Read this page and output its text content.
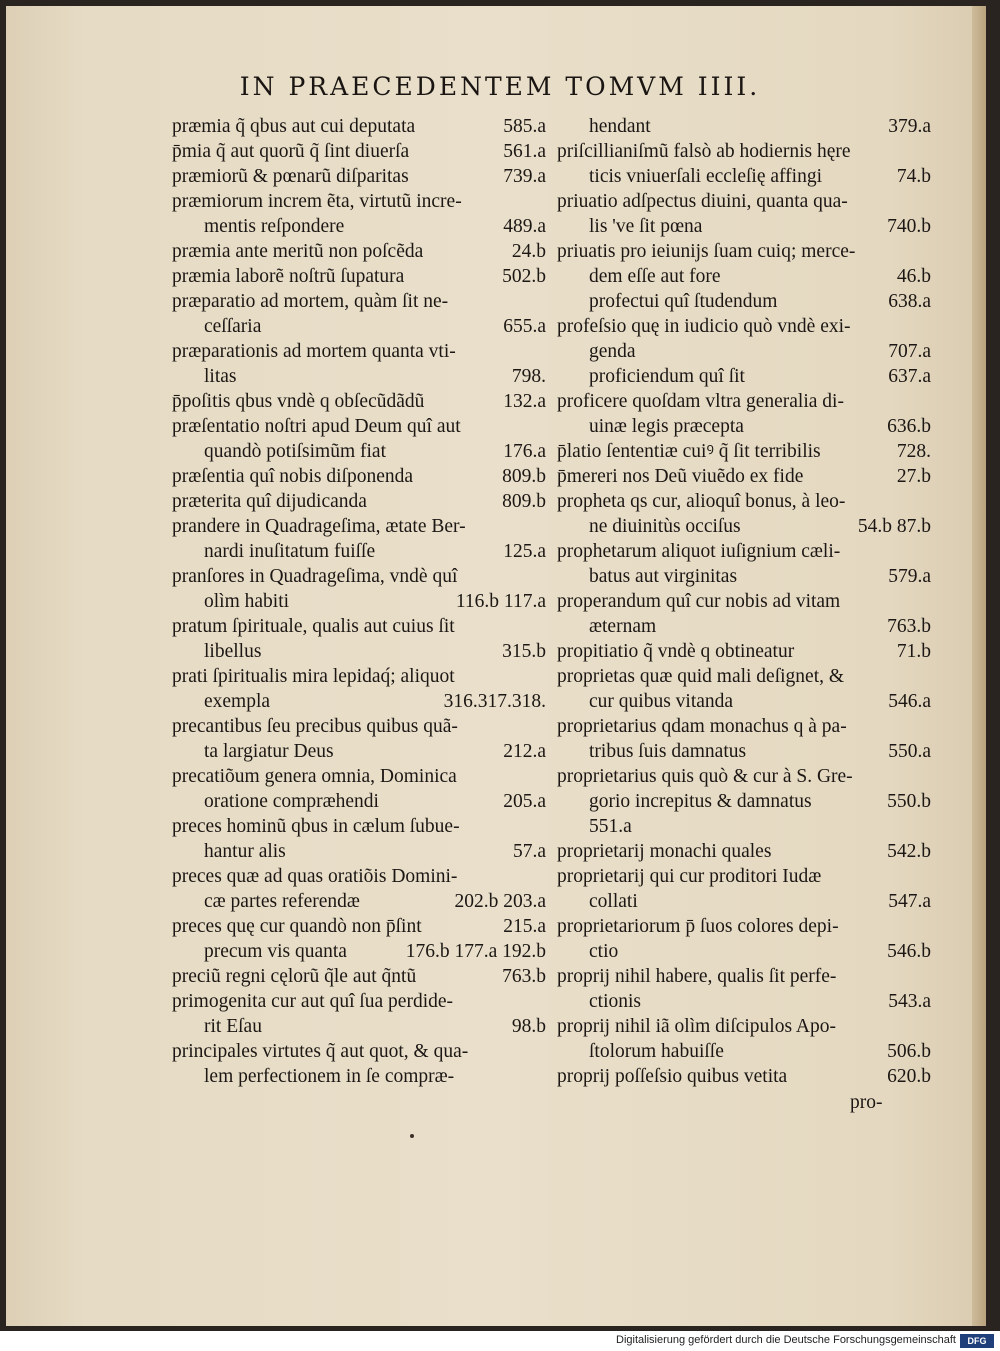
IN PRAECEDENTEM TOMVM IIII.
præmia q̃ qbus aut cui deputata	585.a
p̄mia q̃ aut quorũ q̃ ſint diuerſa	561.a
præmiorũ & pœnarũ diſparitas	739.a
præmiorum increm ẽta, virtutũ incre-
mentis reſpondere	489.a
præmia ante meritũ non poſcẽda	24.b
præmia laborẽ noſtrũ ſupatura	502.b
præparatio ad mortem, quàm ſit ne-
ceſſaria	655.a
præparationis ad mortem quanta vti-
litas	798.
p̄poſitis qbus vndè q obſecũdãdũ	132.a
præſentatio noſtri apud Deum quî aut
quandò potiſsimũm fiat	176.a
præſentia quî nobis diſponenda	809.b
præterita quî dijudicanda	809.b
prandere in Quadrageſima, ætate Ber-
nardi inuſitatum fuiſſe	125.a
pranſores in Quadrageſima, vndè quî
olìm habiti	116.b 117.a
pratum ſpirituale, qualis aut cuius ſit
libellus	315.b
prati ſpiritualis mira lepidaq́; aliquot
exempla	316.317.318.
precantibus ſeu precibus quibus quã-
ta largiatur Deus	212.a
precatiõum genera omnia, Dominica
oratione compræhendi	205.a
preces hominũ qbus in cælum ſubue-
hantur alis	57.a
preces quæ ad quas oratiõis Domini-
cæ partes referendæ	202.b 203.a
preces quę cur quandò non p̄ſint	215.a
precum vis quanta	176.b 177.a 192.b
preciũ regni cęlorũ q̃le aut q̃ntũ	763.b
primogenita cur aut quî ſua perdide-
rit Eſau	98.b
principales virtutes q̃ aut quot, & qua-
lem perfectionem in ſe compræ-
hendant	379.a
priſcillianiſmũ falsò ab hodiernis hęre
ticis vniuerſali eccleſię affingi	74.b
priuatio adſpectus diuini, quanta qua-
lis 've ſit pœna	740.b
priuatis pro ieiunijs ſuam cuiq; merce-
dem eſſe aut fore	46.b
profectui quî ſtudendum	638.a
profeſsio quę in iudicio quò vndè exi-
genda	707.a
proficiendum quî ſit	637.a
proficere quoſdam vltra generalia di-
uinæ legis præcepta	636.b
p̄latio ſententiæ cuiꝰ q̃ ſit terribilis	728.
p̄mereri nos Deũ viuẽdo ex fide	27.b
propheta qs cur, alioquî bonus, à leo-
ne diuinitùs occiſus	54.b 87.b
prophetarum aliquot iuſignium cæli-
batus aut virginitas	579.a
properandum quî cur nobis ad vitam
æternam	763.b
propitiatio q̃ vndè q obtineatur	71.b
proprietas quæ quid mali deſignet, &
cur quibus vitanda	546.a
proprietarius qdam monachus q à pa-
tribus ſuis damnatus	550.a
proprietarius quis quò & cur à S. Gre-
gorio increpitus & damnatus	550.b
551.a
proprietarij monachi quales	542.b
proprietarij qui cur proditori Iudæ
collati	547.a
proprietariorum p̄ ſuos colores depi-
ctio	546.b
proprij nihil habere, qualis ſit perfe-
ctionis	543.a
proprij nihil iã olìm diſcipulos Apo-
ſtolorum habuiſſe	506.b
proprij poſſeſsio quibus vetita	620.b
pro-
Digitalisierung gefördert durch die Deutsche Forschungsgemeinschaft	DFG
